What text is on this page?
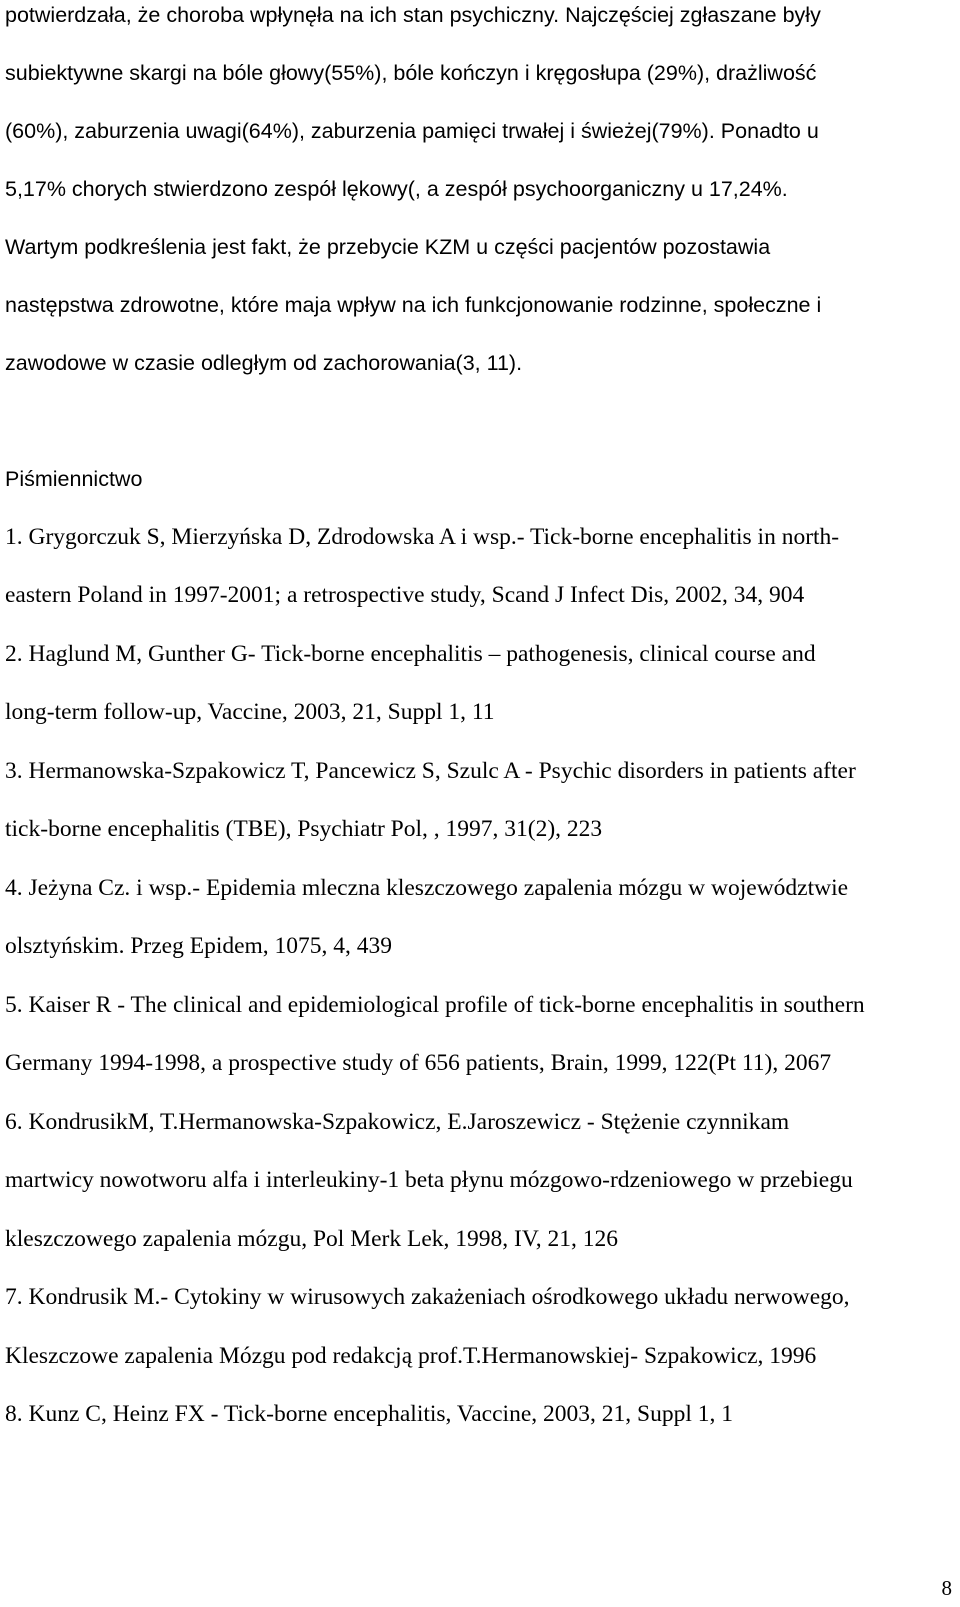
potwierdzała, że choroba wpłynęła na ich stan psychiczny. Najczęściej zgłaszane były
subiektywne skargi na bóle głowy(55%), bóle kończyn i kręgosłupa (29%), drażliwość
(60%), zaburzenia uwagi(64%), zaburzenia pamięci trwałej i świeżej(79%). Ponadto u
5,17% chorych stwierdzono zespół lękowy(, a zespół psychoorganiczny u 17,24%.
Wartym podkreślenia jest fakt, że przebycie KZM u części pacjentów pozostawia
następstwa zdrowotne, które maja wpływ na ich funkcjonowanie rodzinne, społeczne i
zawodowe w czasie odległym od zachorowania(3, 11).
Piśmiennictwo
1. Grygorczuk S, Mierzyńska D, Zdrodowska A i wsp.- Tick-borne encephalitis in north-
eastern Poland in 1997-2001; a retrospective study, Scand J Infect Dis, 2002, 34, 904
2. Haglund M, Gunther G- Tick-borne encephalitis – pathogenesis, clinical course and
long-term follow-up, Vaccine, 2003, 21, Suppl 1, 11
3. Hermanowska-Szpakowicz T, Pancewicz S, Szulc A - Psychic disorders in patients after
tick-borne encephalitis (TBE), Psychiatr Pol, , 1997, 31(2), 223
4. Jeżyna Cz. i wsp.- Epidemia mleczna kleszczowego zapalenia mózgu w województwie
olsztyńskim. Przeg Epidem, 1075, 4, 439
5. Kaiser R - The clinical and epidemiological profile of tick-borne encephalitis in southern
Germany 1994-1998, a prospective study of 656 patients, Brain, 1999, 122(Pt 11), 2067
6. KondrusikM, T.Hermanowska-Szpakowicz, E.Jaroszewicz - Stężenie czynnikam
martwicy nowotworu alfa i interleukiny-1 beta płynu mózgowo-rdzeniowego w przebiegu
kleszczowego zapalenia mózgu, Pol Merk Lek, 1998, IV, 21, 126
7. Kondrusik M.- Cytokiny w wirusowych zakażeniach ośrodkowego układu nerwowego,
Kleszczowe zapalenia Mózgu pod redakcją prof.T.Hermanowskiej- Szpakowicz, 1996
8. Kunz C, Heinz FX - Tick-borne encephalitis, Vaccine, 2003, 21, Suppl 1, 1
8
